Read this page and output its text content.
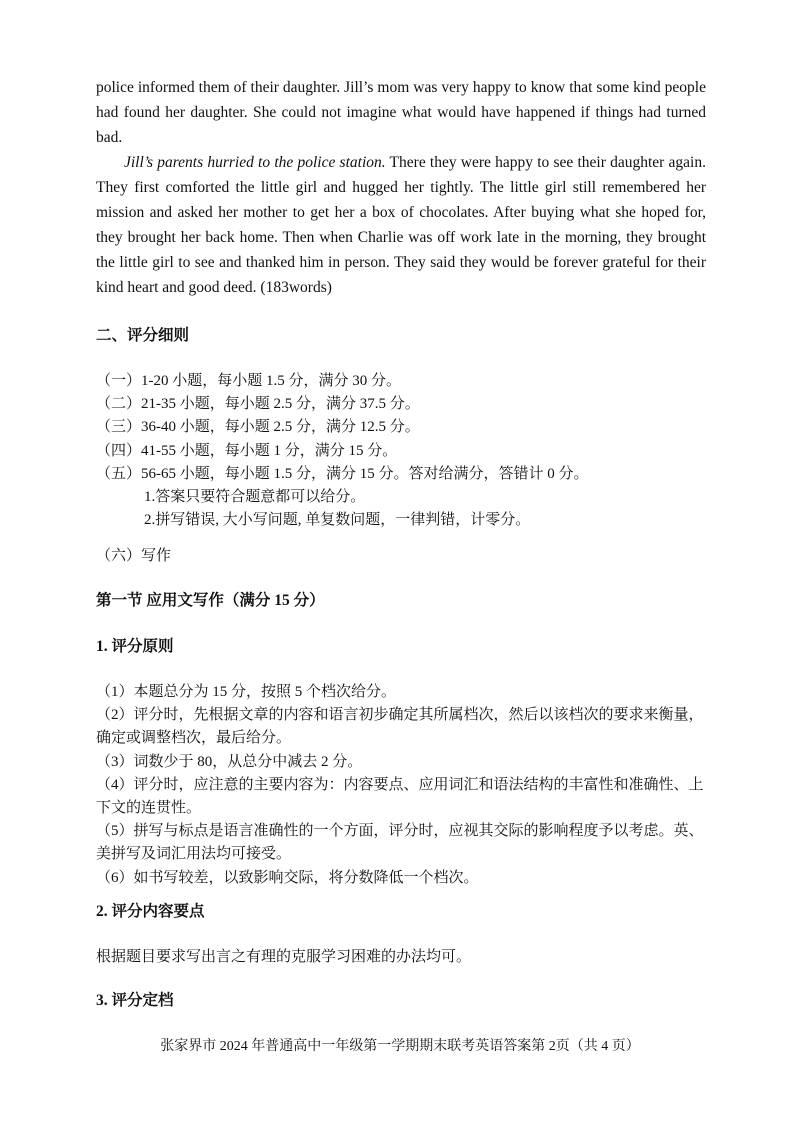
police informed them of their daughter. Jill’s mom was very happy to know that some kind people had found her daughter. She could not imagine what would have happened if things had turned bad.

Jill’s parents hurried to the police station. There they were happy to see their daughter again. They first comforted the little girl and hugged her tightly. The little girl still remembered her mission and asked her mother to get her a box of chocolates. After buying what she hoped for, they brought her back home. Then when Charlie was off work late in the morning, they brought the little girl to see and thanked him in person. They said they would be forever grateful for their kind heart and good deed. (183words)

二、评分细则
（一）1-20 小题，每小题 1.5 分，满分 30 分。
（二）21-35 小题，每小题 2.5 分，满分 37.5 分。
（三）36-40 小题，每小题 2.5 分，满分 12.5 分。
（四）41-55 小题，每小题 1 分，满分 15 分。
（五）56-65 小题，每小题 1.5 分，满分 15 分。答对给满分，答错计 0 分。
1.答案只要符合题意都可以给分。
2.拼写错误, 大小写问题, 单复数问题，一律判错，计零分。

（六）写作

第一节 应用文写作（满分 15 分）
1. 评分原则
（1）本题总分为 15 分，按照 5 个档次给分。
（2）评分时，先根据文章的内容和语言初步确定其所属档次，然后以该档次的要求来衡量，确定或调整档次，最后给分。
（3）词数少于 80，从总分中减去 2 分。
（4）评分时，应注意的主要内容为：内容要点、应用词汇和语法结构的丰富性和准确性、上下文的连贯性。
（5）拼写与标点是语言准确性的一个方面，评分时，应视其交际的影响程度予以考虑。英、美拼写及词汇用法均可接受。
（6）如书写较差，以致影响交际，将分数降低一个档次。
2. 评分内容要点

根据题目要求写出言之有理的克服学习困难的办法均可。

3. 评分定档

张家界市 2024 年普通高中一年级第一学期期末联考英语答案第 2页（共 4 页）
